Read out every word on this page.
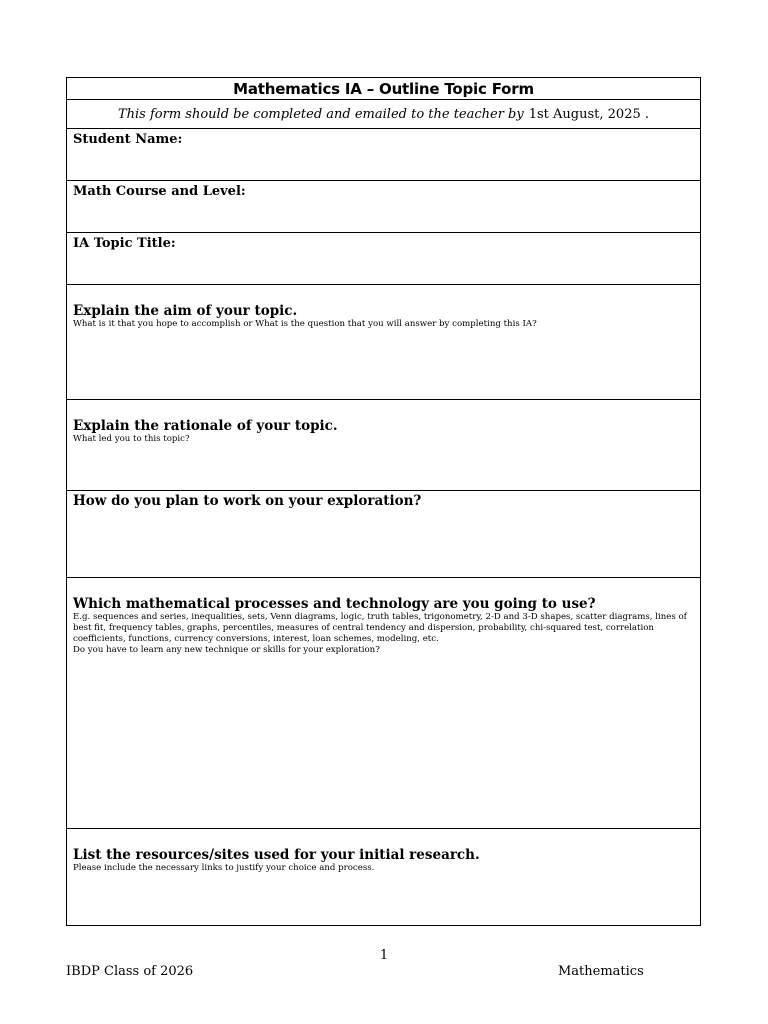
Mathematics IA – Outline Topic Form
This form should be completed and emailed to the teacher by 1st August, 2025 .
Student Name:
Math Course and Level:
IA Topic Title:
Explain the aim of your topic.
What is it that you hope to accomplish or What is the question that you will answer by completing this IA?
Explain the rationale of your topic.
What led you to this topic?
How do you plan to work on your exploration?
Which mathematical processes and technology are you going to use?
E.g. sequences and series, inequalities, sets, Venn diagrams, logic, truth tables, trigonometry, 2-D and 3-D shapes, scatter diagrams, lines of
best fit, frequency tables, graphs, percentiles, measures of central tendency and dispersion, probability, chi-squared test, correlation
coefficients, functions, currency conversions, interest, loan schemes, modeling, etc.
Do you have to learn any new technique or skills for your exploration?
List the resources/sites used for your initial research.
Please include the necessary links to justify your choice and process.
1
IBDP Class of 2026	Mathematics
